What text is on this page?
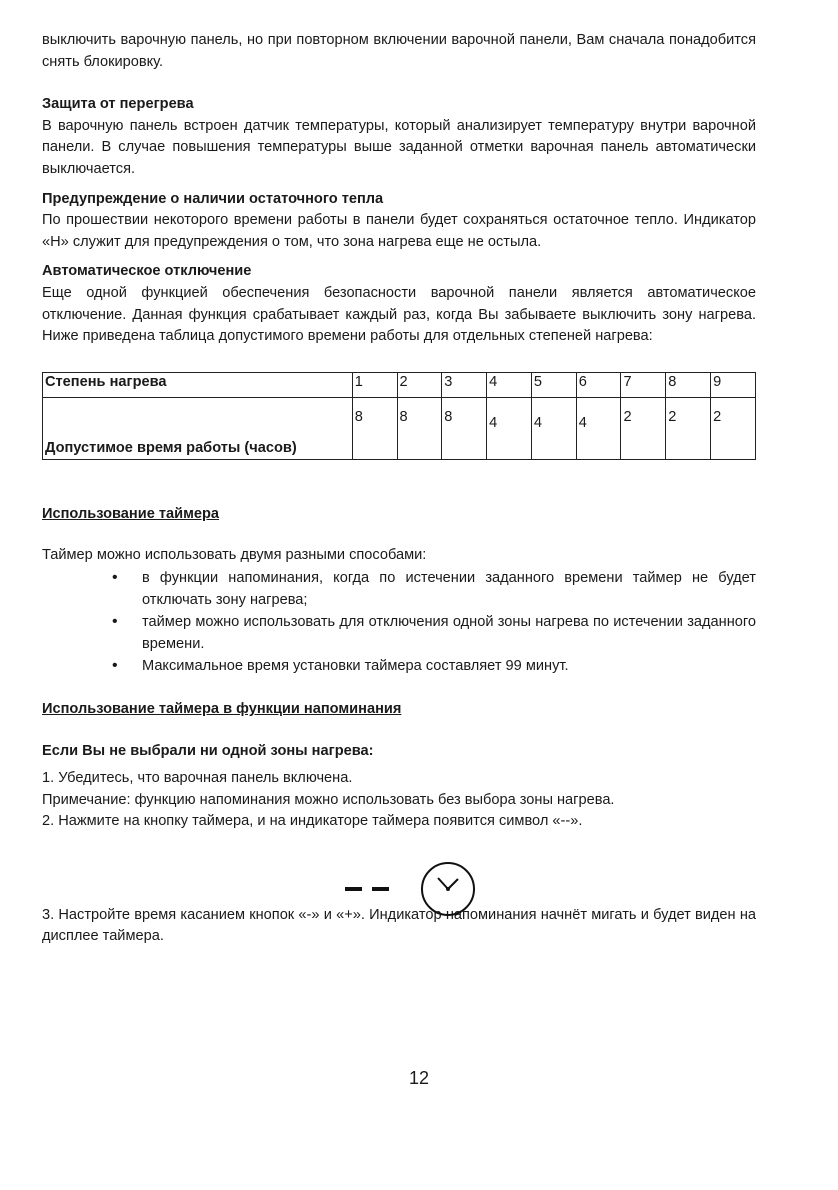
выключить варочную панель, но при повторном включении варочной панели, Вам сначала понадобится снять блокировку.

Защита от перегрева

В варочную панель встроен датчик температуры, который анализирует температуру внутри варочной панели. В случае повышения температуры выше заданной отметки варочная панель автоматически выключается.

Предупреждение о наличии остаточного тепла

По прошествии некоторого времени работы в панели будет сохраняться остаточное тепло. Индикатор «H» служит для предупреждения о том, что зона нагрева еще не остыла.

Автоматическое отключение

Еще одной функцией обеспечения безопасности варочной панели является автоматическое отключение. Данная функция срабатывает каждый раз, когда Вы забываете выключить зону нагрева. Ниже приведена таблица допустимого времени работы для отдельных степеней нагрева:

Степень нагрева	1	2	3	4	5	6	7	8	9
Допустимое время работы (часов)	8	8	8	4	4	4	2	2	2

Использование таймера

Таймер можно использовать двумя разными способами:

• в функции напоминания, когда по истечении заданного времени таймер не будет отключать зону нагрева;
• таймер можно использовать для отключения одной зоны нагрева по истечении заданного времени.
• Максимальное время установки таймера составляет 99 минут.

Использование таймера в функции напоминания

Если Вы не выбрали ни одной зоны нагрева:

1. Убедитесь, что варочная панель включена.

Примечание: функцию напоминания можно использовать без выбора зоны нагрева.

2. Нажмите на кнопку таймера, и на индикаторе таймера появится символ «--».

3. Настройте время касанием кнопок «-» и «+». Индикатор напоминания начнёт мигать и будет виден на дисплее таймера.

12
